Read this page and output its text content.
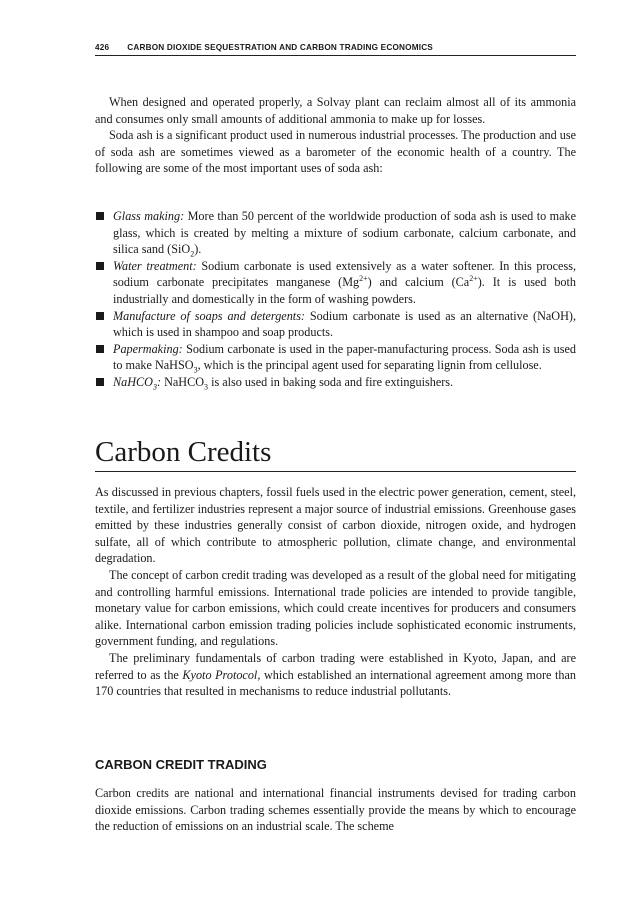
426 CARBON DIOXIDE SEQUESTRATION AND CARBON TRADING ECONOMICS

When designed and operated properly, a Solvay plant can reclaim almost all of its ammonia and consumes only small amounts of additional ammonia to make up for losses.

Soda ash is a significant product used in numerous industrial processes. The production and use of soda ash are sometimes viewed as a barometer of the economic health of a country. The following are some of the most important uses of soda ash:

Glass making: More than 50 percent of the worldwide production of soda ash is used to make glass, which is created by melting a mixture of sodium carbonate, calcium carbonate, and silica sand (SiO$_2$).
Water treatment: Sodium carbonate is used extensively as a water softener. In this process, sodium carbonate precipitates manganese $(Mg^{2+})$ and calcium $(Ca^{2+})$. It is used both industrially and domestically in the form of washing powders.
Manufacture of soaps and detergents: Sodium carbonate is used as an alternative (NaOH), which is used in shampoo and soap products.
Papermaking: Sodium carbonate is used in the paper-manufacturing process. Soda ash is used to make NaHSO$_3$, which is the principal agent used for separating lignin from cellulose.
NaHCO$_3$: NaHCO$_3$ is also used in baking soda and fire extinguishers.
Carbon Credits

As discussed in previous chapters, fossil fuels used in the electric power generation, cement, steel, textile, and fertilizer industries represent a major source of industrial emissions. Greenhouse gases emitted by these industries generally consist of carbon dioxide, nitrogen oxide, and hydrogen sulfate, all of which contribute to atmospheric pollution, climate change, and environmental degradation.

The concept of carbon credit trading was developed as a result of the global need for mitigating and controlling harmful emissions. International trade policies are intended to provide tangible, monetary value for carbon emissions, which could create incentives for producers and consumers alike. International carbon emission trading policies include sophisticated economic instruments, government funding, and regulations.

The preliminary fundamentals of carbon trading were established in Kyoto, Japan, and are referred to as the Kyoto Protocol, which established an international agreement among more than 170 countries that resulted in mechanisms to reduce industrial pollutants.

CARBON CREDIT TRADING

Carbon credits are national and international financial instruments devised for trading carbon dioxide emissions. Carbon trading schemes essentially provide the means by which to encourage the reduction of emissions on an industrial scale. The scheme
